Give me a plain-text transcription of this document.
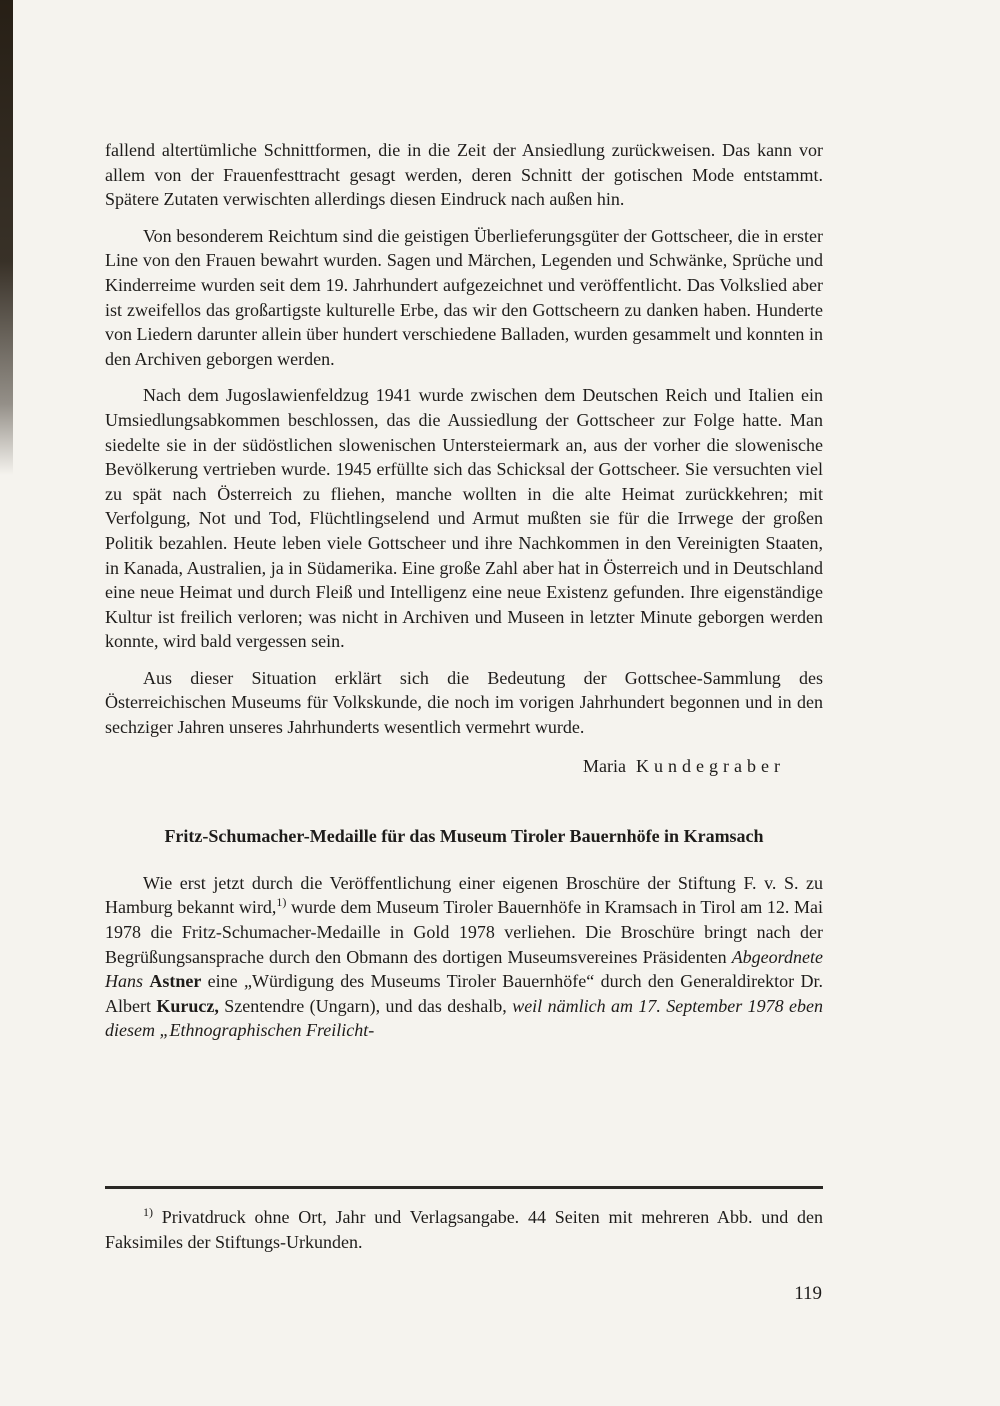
fallend altertümliche Schnittformen, die in die Zeit der Ansiedlung zurückweisen. Das kann vor allem von der Frauenfesttracht gesagt werden, deren Schnitt der gotischen Mode entstammt. Spätere Zutaten verwischten allerdings diesen Eindruck nach außen hin.

Von besonderem Reichtum sind die geistigen Überlieferungsgüter der Gottscheer, die in erster Line von den Frauen bewahrt wurden. Sagen und Märchen, Legenden und Schwänke, Sprüche und Kinderreime wurden seit dem 19. Jahrhundert aufgezeichnet und veröffentlicht. Das Volkslied aber ist zweifellos das großartigste kulturelle Erbe, das wir den Gottscheern zu danken haben. Hunderte von Liedern darunter allein über hundert verschiedene Balladen, wurden gesammelt und konnten in den Archiven geborgen werden.

Nach dem Jugoslawienfeldzug 1941 wurde zwischen dem Deutschen Reich und Italien ein Umsiedlungsabkommen beschlossen, das die Aussiedlung der Gottscheer zur Folge hatte. Man siedelte sie in der südöstlichen slowenischen Untersteiermark an, aus der vorher die slowenische Bevölkerung vertrieben wurde. 1945 erfüllte sich das Schicksal der Gottscheer. Sie versuchten viel zu spät nach Österreich zu fliehen, manche wollten in die alte Heimat zurückkehren; mit Verfolgung, Not und Tod, Flüchtlingselend und Armut mußten sie für die Irrwege der großen Politik bezahlen. Heute leben viele Gottscheer und ihre Nachkommen in den Vereinigten Staaten, in Kanada, Australien, ja in Südamerika. Eine große Zahl aber hat in Österreich und in Deutschland eine neue Heimat und durch Fleiß und Intelligenz eine neue Existenz gefunden. Ihre eigenständige Kultur ist freilich verloren; was nicht in Archiven und Museen in letzter Minute geborgen werden konnte, wird bald vergessen sein.

Aus dieser Situation erklärt sich die Bedeutung der Gottschee-Sammlung des Österreichischen Museums für Volkskunde, die noch im vorigen Jahrhundert begonnen und in den sechziger Jahren unseres Jahrhunderts wesentlich vermehrt wurde.

Maria Kundegraber
Fritz-Schumacher-Medaille für das Museum Tiroler Bauernhöfe in Kramsach

Wie erst jetzt durch die Veröffentlichung einer eigenen Broschüre der Stiftung F. v. S. zu Hamburg bekannt wird,$^{1)}$ wurde dem Museum Tiroler Bauernhöfe in Kramsach in Tirol am 12. Mai 1978 die Fritz-Schumacher-Medaille in Gold 1978 verliehen. Die Broschüre bringt nach der Begrüßungsansprache durch den Obmann des dortigen Museumsvereines Präsidenten Abgeordnete Hans Astner eine „Würdigung des Museums Tiroler Bauernhöfe“ durch den Generaldirektor Dr. Albert Kurucz, Szentendre (Ungarn), und das deshalb, weil nämlich am 17. September 1978 eben diesem „Ethnographischen Freilicht-

$^{1)}$ Privatdruck ohne Ort, Jahr und Verlagsangabe. 44 Seiten mit mehreren Abb. und den Faksimiles der Stiftungs-Urkunden.

119
